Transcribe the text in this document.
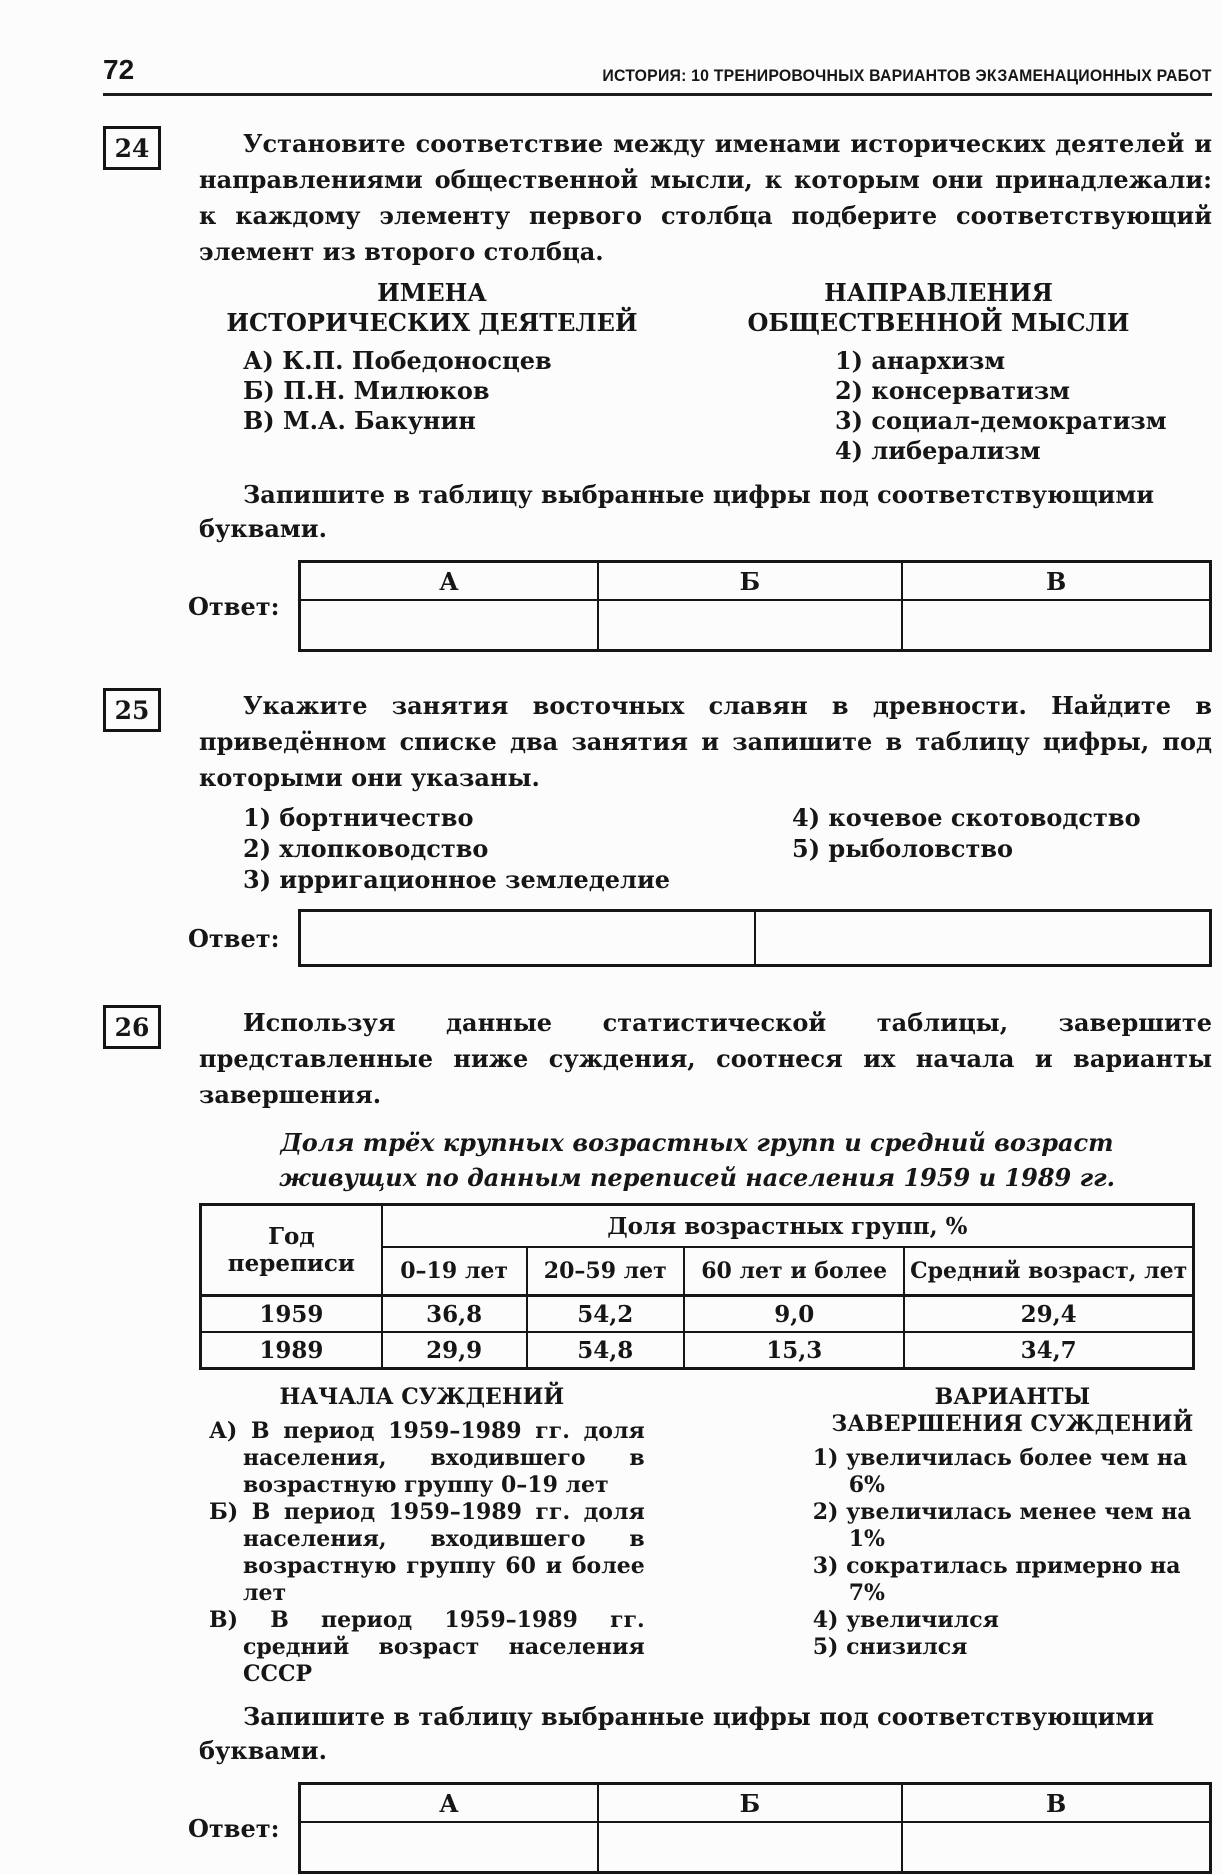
72	ИСТОРИЯ: 10 ТРЕНИРОВОЧНЫХ ВАРИАНТОВ ЭКЗАМЕНАЦИОННЫХ РАБОТ
24	Установите соответствие между именами исторических деятелей и направлениями общественной мысли, к которым они принадлежали: к каждому элементу первого столбца подберите соответствующий элемент из второго столбца.
ИМЕНА
ИСТОРИЧЕСКИХ ДЕЯТЕЛЕЙ
А) К.П. Победоносцев
Б) П.Н. Милюков
В) М.А. Бакунин
НАПРАВЛЕНИЯ
ОБЩЕСТВЕННОЙ МЫСЛИ
1) анархизм
2) консерватизм
3) социал-демократизм
4) либерализм
Запишите в таблицу выбранные цифры под соответствующими буквами.
Ответ:
А	Б	В

25	Укажите занятия восточных славян в древности. Найдите в приведённом списке два занятия и запишите в таблицу цифры, под которыми они указаны.
1) бортничество
2) хлопководство
3) ирригационное земледелие
4) кочевое скотоводство
5) рыболовство
Ответ:

26	Используя данные статистической таблицы, завершите представленные ниже суждения, соотнеся их начала и варианты завершения.
Доля трёх крупных возрастных групп и средний возраст
живущих по данным переписей населения 1959 и 1989 гг.
Год
переписи	Доля возрастных групп, %			
	0–19 лет	20–59 лет	60 лет и более	Средний возраст, лет
1959	36,8	54,2	9,0	29,4
1989	29,9	54,8	15,3	34,7
НАЧАЛА СУЖДЕНИЙ

А) В период 1959–1989 гг. доля населения, входившего в возрастную группу 0–19 лет

Б) В период 1959–1989 гг. доля населения, входившего в возрастную группу 60 и более лет

В) В период 1959–1989 гг. средний возраст населения СССР

ВАРИАНТЫ
ЗАВЕРШЕНИЯ СУЖДЕНИЙ

1) увеличилась более чем на 6%

2) увеличилась менее чем на 1%

3) сократилась примерно на 7%

4) увеличился

5) снизился

Запишите в таблицу выбранные цифры под соответствующими буквами.
Ответ:
А	Б	В
